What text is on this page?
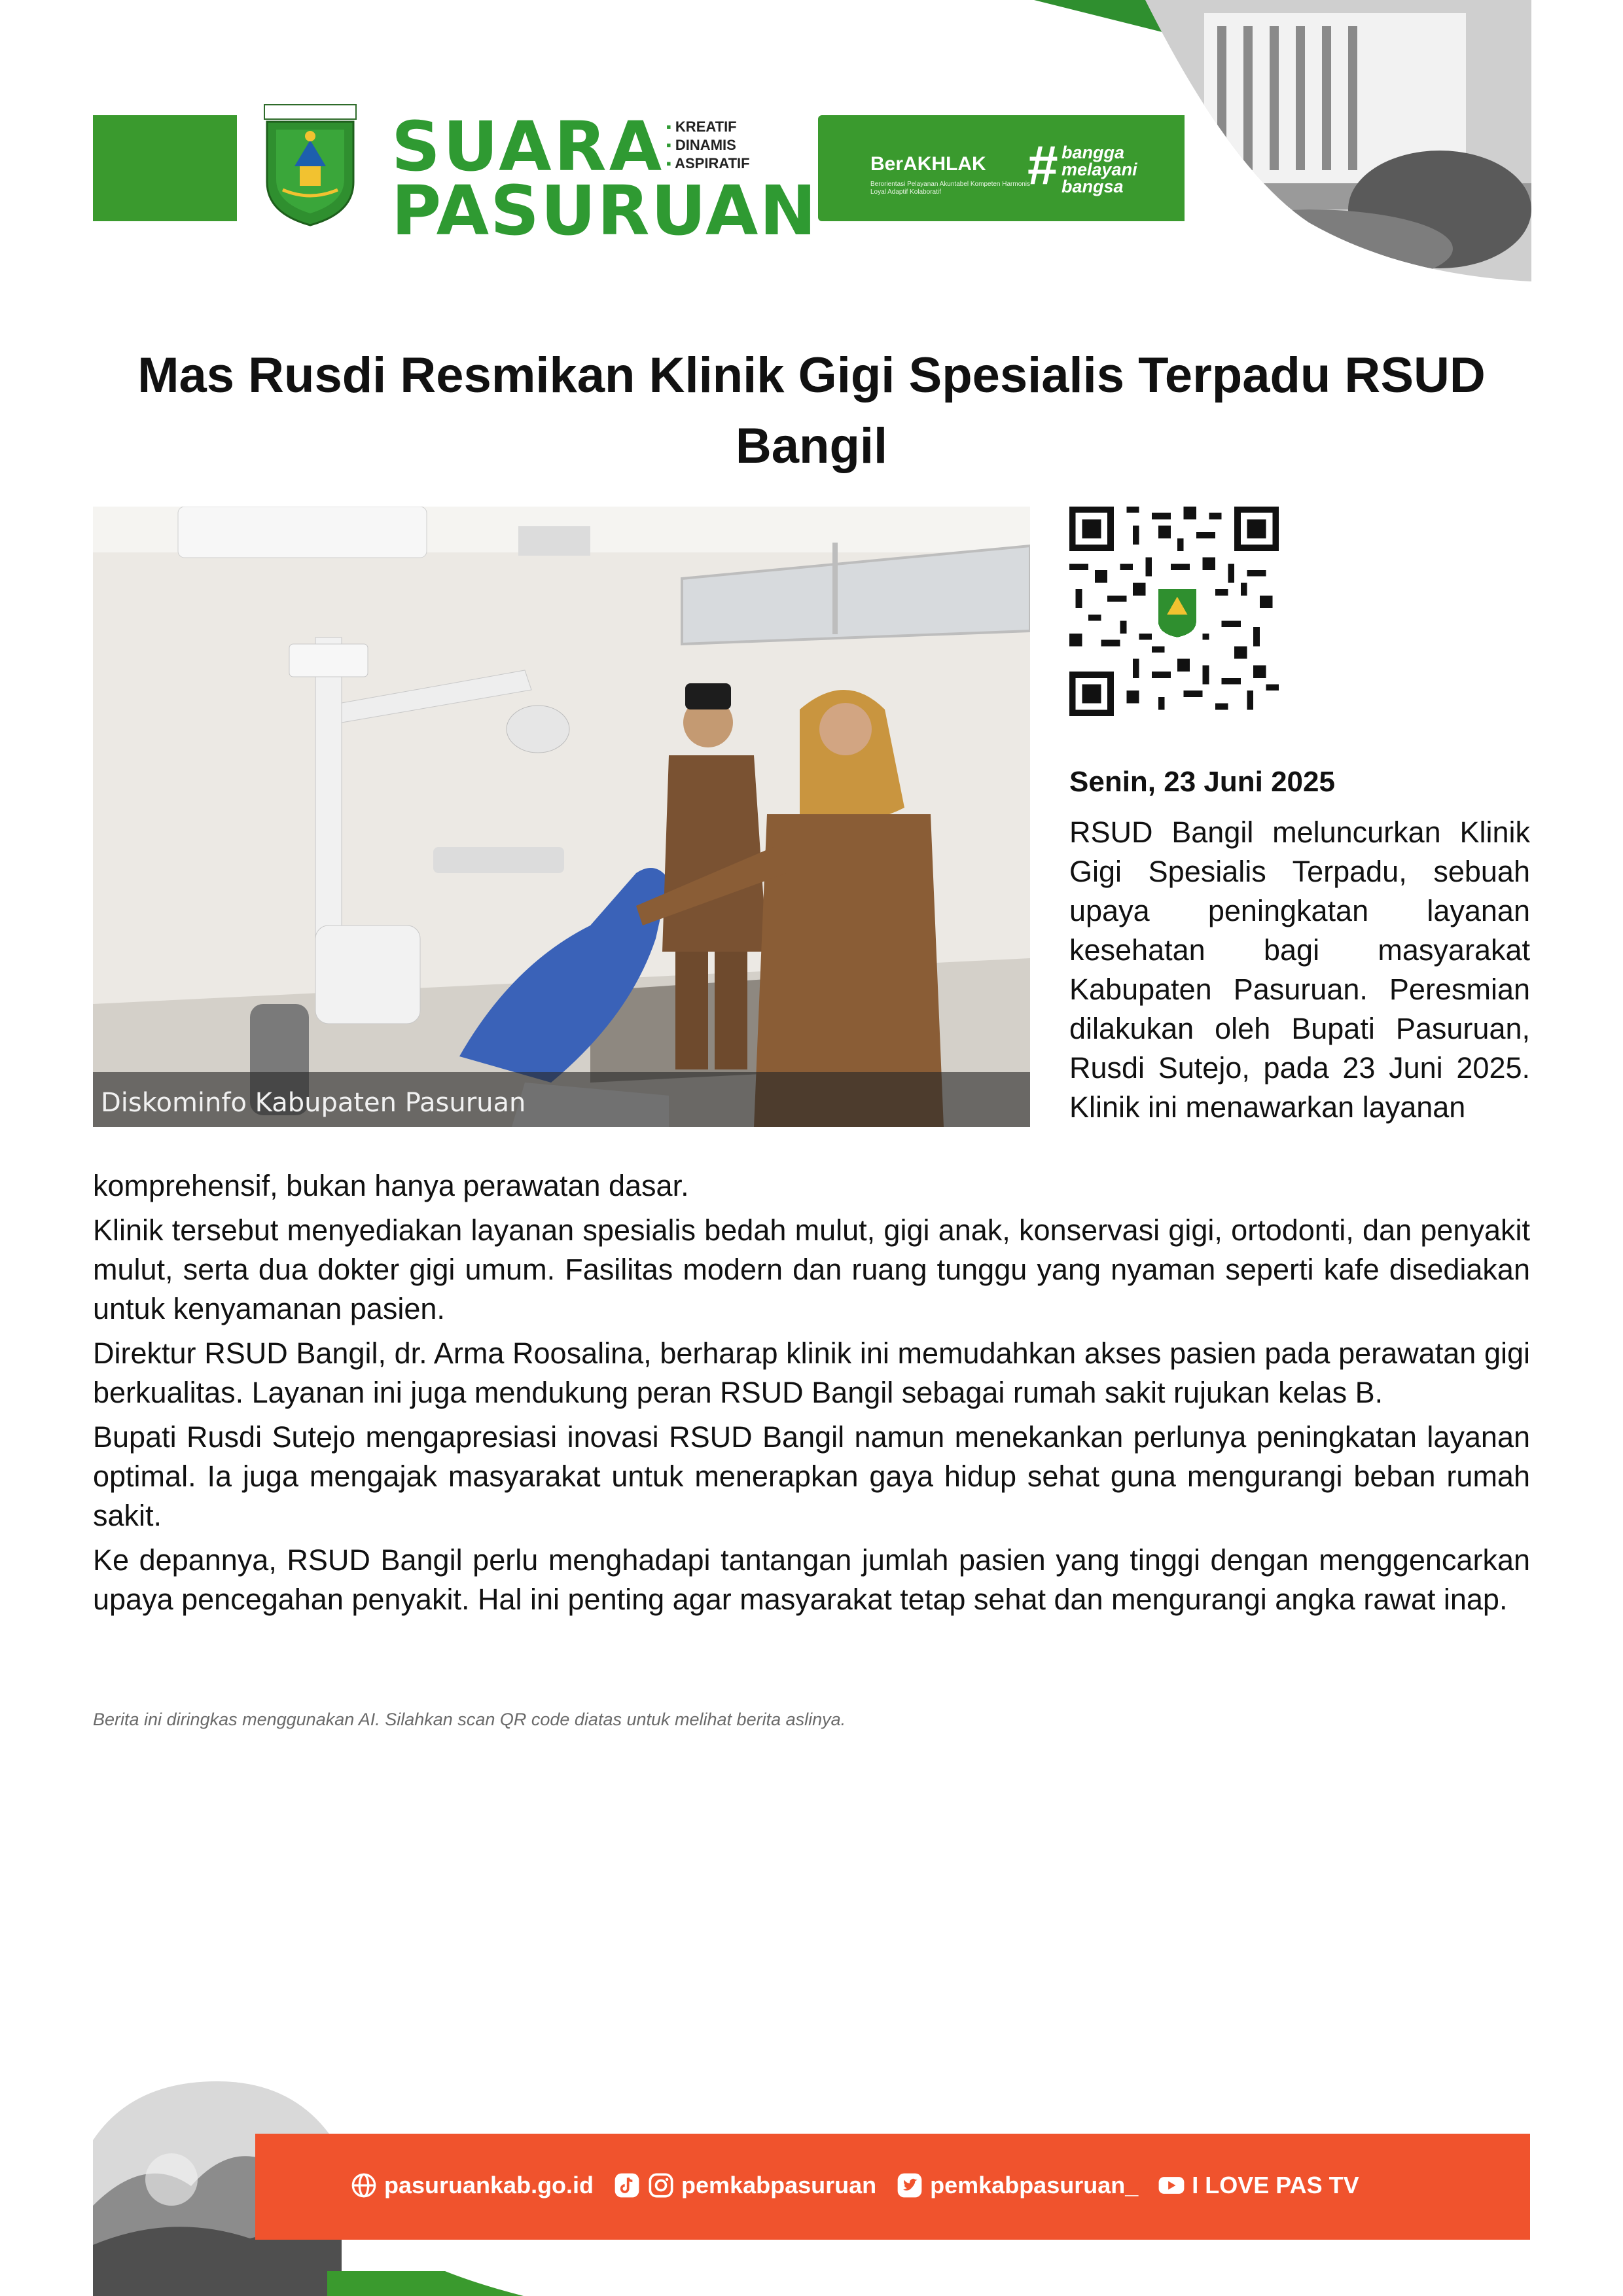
SUARA
PASURUAN
▪ KREATIF
▪ DINAMIS
▪ ASPIRATIF	BerAKHLAK
Berorientasi Pelayanan Akuntabel Kompeten Harmonis Loyal Adaptif Kolaboratif	# bangga
melayani
bangsa
Mas Rusdi Resmikan Klinik Gigi Spesialis Terpadu RSUD Bangil
Diskominfo Kabupaten Pasuruan
Senin, 23 Juni 2025
RSUD Bangil meluncurkan Klinik Gigi Spesialis Terpadu, sebuah upaya peningkatan layanan kesehatan bagi masyarakat Kabupaten Pasuruan. Peresmian dilakukan oleh Bupati Pasuruan, Rusdi Sutejo, pada 23 Juni 2025. Klinik ini menawarkan layanan

komprehensif, bukan hanya perawatan dasar.

Klinik tersebut menyediakan layanan spesialis bedah mulut, gigi anak, konservasi gigi, ortodonti, dan penyakit mulut, serta dua dokter gigi umum. Fasilitas modern dan ruang tunggu yang nyaman seperti kafe disediakan untuk kenyamanan pasien.

Direktur RSUD Bangil, dr. Arma Roosalina, berharap klinik ini memudahkan akses pasien pada perawatan gigi berkualitas. Layanan ini juga mendukung peran RSUD Bangil sebagai rumah sakit rujukan kelas B.

Bupati Rusdi Sutejo mengapresiasi inovasi RSUD Bangil namun menekankan perlunya peningkatan layanan optimal. Ia juga mengajak masyarakat untuk menerapkan gaya hidup sehat guna mengurangi beban rumah sakit.

Ke depannya, RSUD Bangil perlu menghadapi tantangan jumlah pasien yang tinggi dengan menggencarkan upaya pencegahan penyakit. Hal ini penting agar masyarakat tetap sehat dan mengurangi angka rawat inap.

Berita ini diringkas menggunakan AI. Silahkan scan QR code diatas untuk melihat berita aslinya.
pasuruankab.go.id	pemkabpasuruan pemkabpasuruan_ I LOVE PAS TV
